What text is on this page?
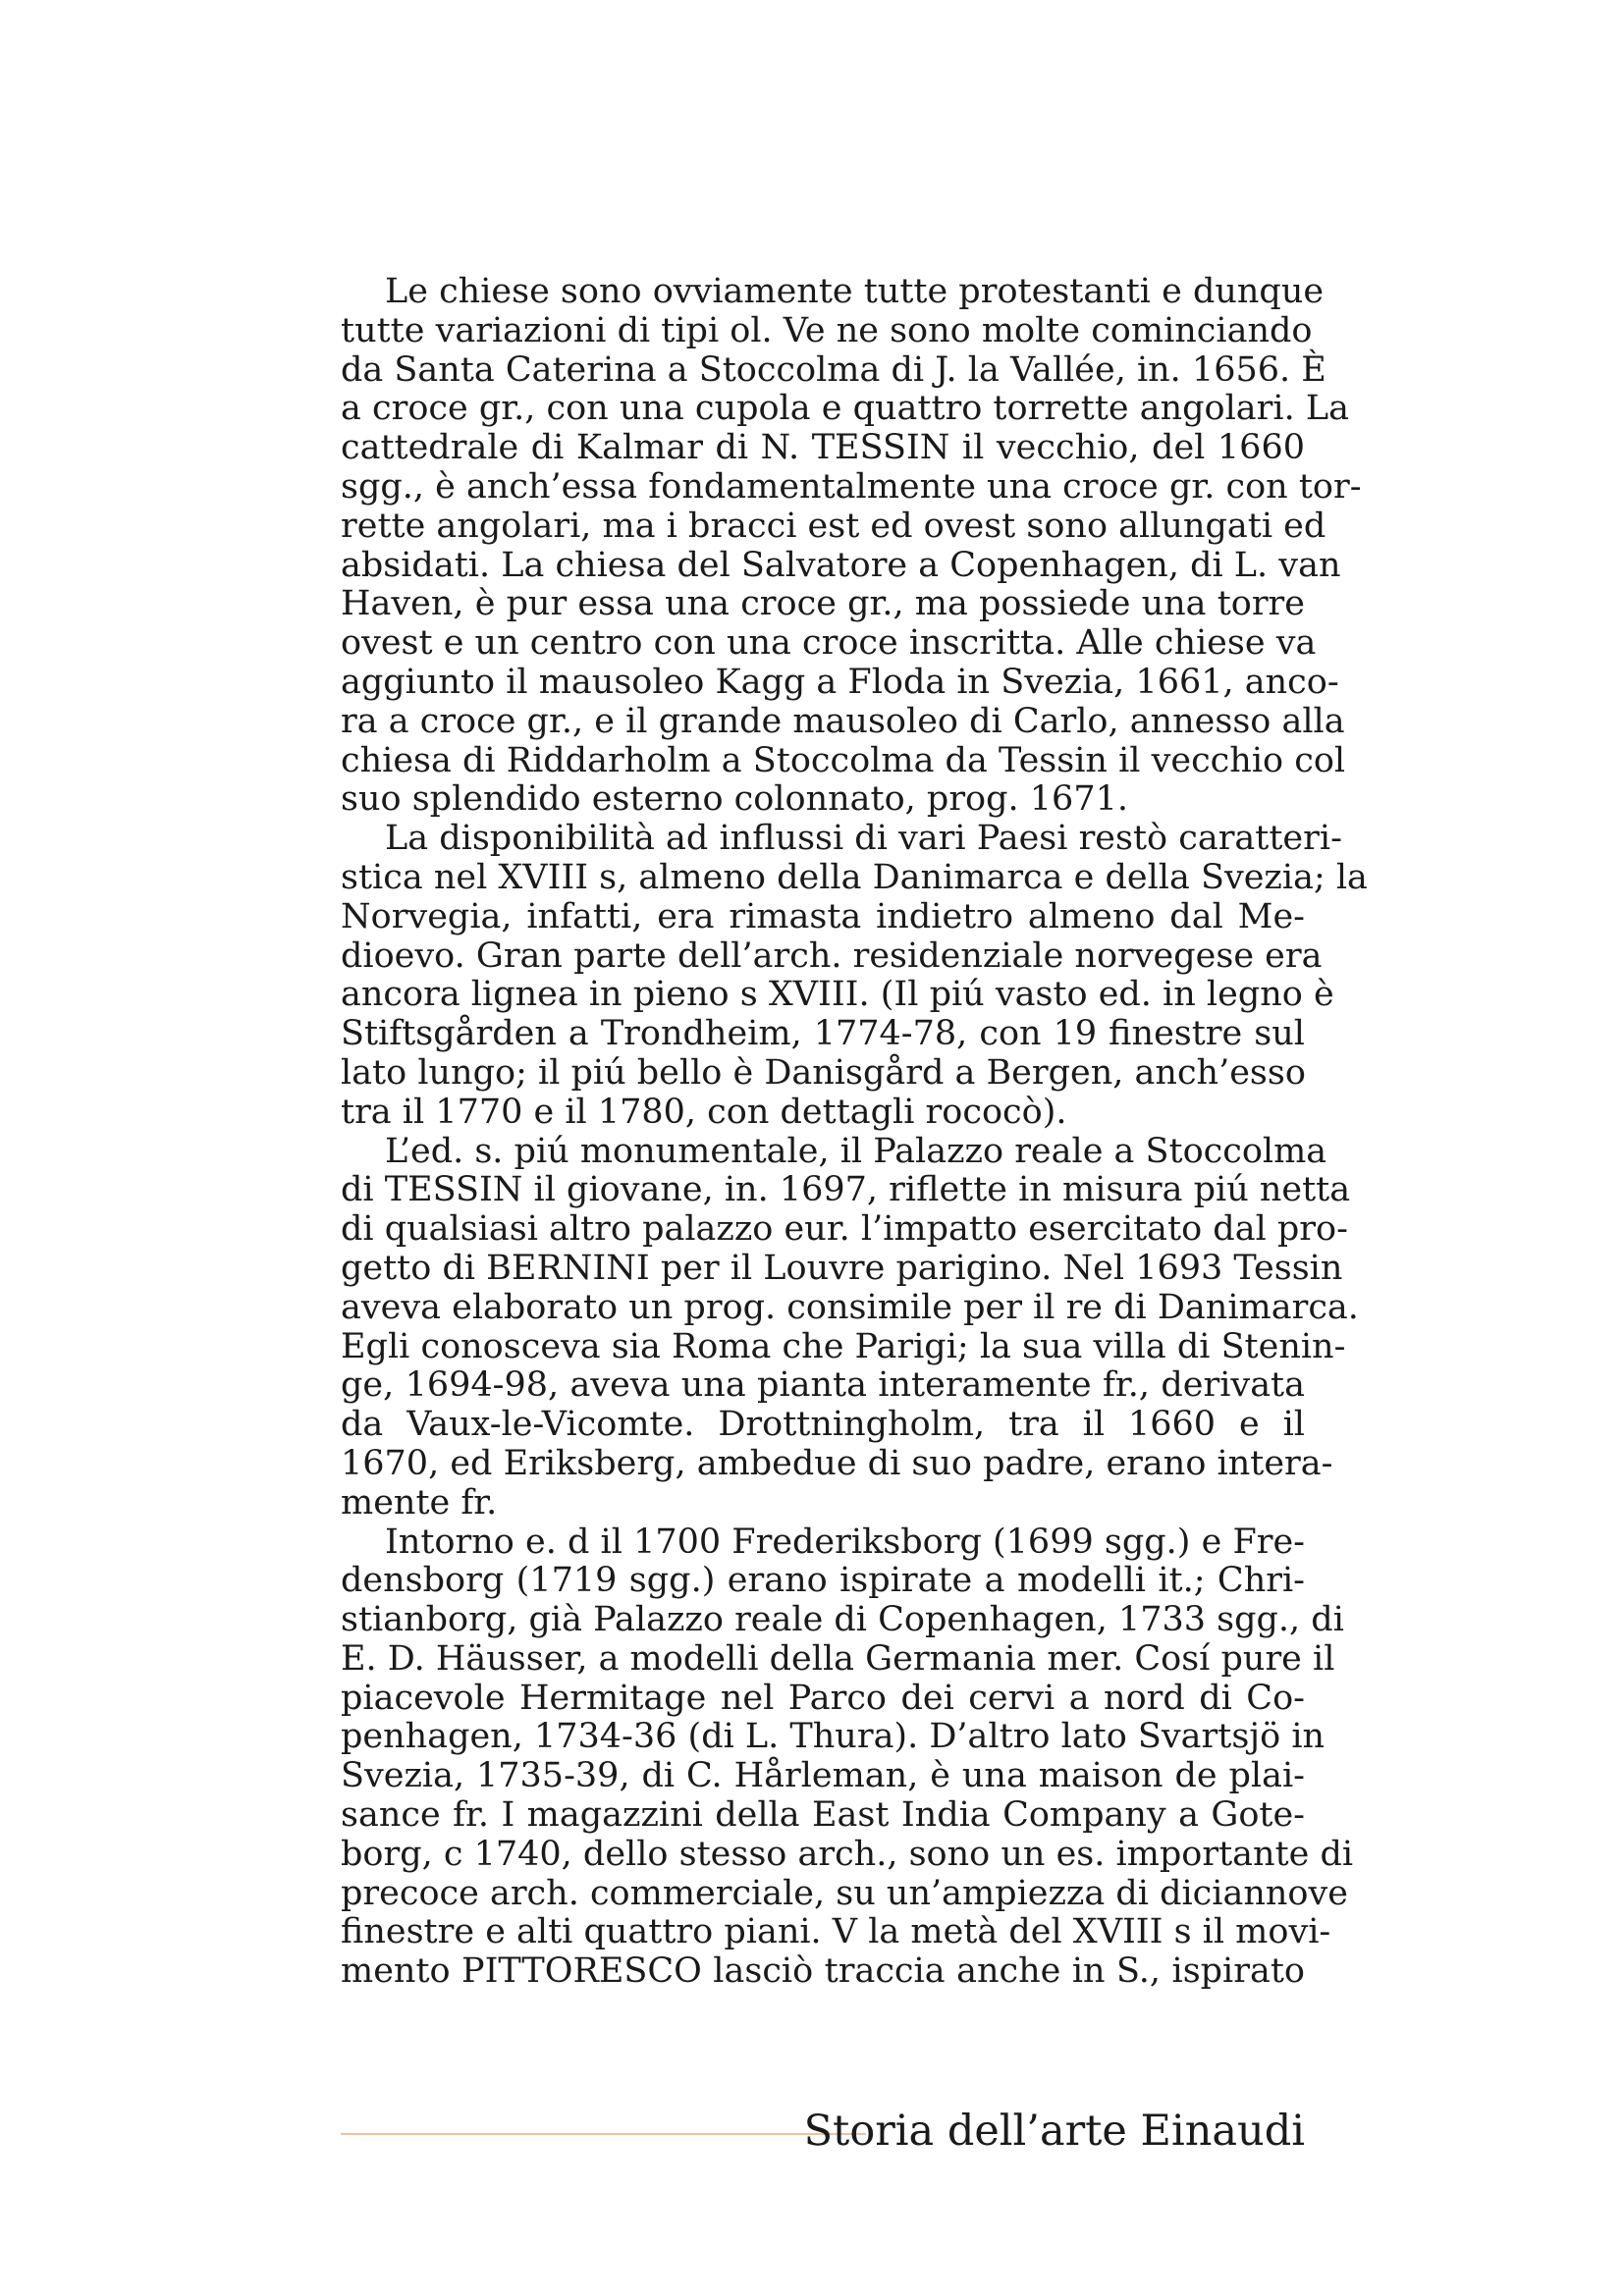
Le chiese sono ovviamente tutte protestanti e dunque
tutte variazioni di tipi ol. Ve ne sono molte cominciando
da Santa Caterina a Stoccolma di J. la Vallée, in. 1656. È
a croce gr., con una cupola e quattro torrette angolari. La
cattedrale di Kalmar di N. TESSIN il vecchio, del 1660
sgg., è anch’essa fondamentalmente una croce gr. con tor-
rette angolari, ma i bracci est ed ovest sono allungati ed
absidati. La chiesa del Salvatore a Copenhagen, di L. van
Haven, è pur essa una croce gr., ma possiede una torre
ovest e un centro con una croce inscritta. Alle chiese va
aggiunto il mausoleo Kagg a Floda in Svezia, 1661, anco-
ra a croce gr., e il grande mausoleo di Carlo, annesso alla
chiesa di Riddarholm a Stoccolma da Tessin il vecchio col
suo splendido esterno colonnato, prog. 1671.
La disponibilità ad influssi di vari Paesi restò caratteri-
stica nel XVIII s, almeno della Danimarca e della Svezia; la
Norvegia, infatti, era rimasta indietro almeno dal Me-
dioevo. Gran parte dell’arch. residenziale norvegese era
ancora lignea in pieno s XVIII. (Il piú vasto ed. in legno è
Stiftsgården a Trondheim, 1774-78, con 19 finestre sul
lato lungo; il piú bello è Danisgård a Bergen, anch’esso
tra il 1770 e il 1780, con dettagli rococò).
L’ed. s. piú monumentale, il Palazzo reale a Stoccolma
di TESSIN il giovane, in. 1697, riflette in misura piú netta
di qualsiasi altro palazzo eur. l’impatto esercitato dal pro-
getto di BERNINI per il Louvre parigino. Nel 1693 Tessin
aveva elaborato un prog. consimile per il re di Danimarca.
Egli conosceva sia Roma che Parigi; la sua villa di Stenin-
ge, 1694-98, aveva una pianta interamente fr., derivata
da Vaux-le-Vicomte. Drottningholm, tra il 1660 e il
1670, ed Eriksberg, ambedue di suo padre, erano intera-
mente fr.
Intorno e. d il 1700 Frederiksborg (1699 sgg.) e Fre-
densborg (1719 sgg.) erano ispirate a modelli it.; Chri-
stianborg, già Palazzo reale di Copenhagen, 1733 sgg., di
E. D. Häusser, a modelli della Germania mer. Cosí pure il
piacevole Hermitage nel Parco dei cervi a nord di Co-
penhagen, 1734-36 (di L. Thura). D’altro lato Svartsjö in
Svezia, 1735-39, di C. Hårleman, è una maison de plai-
sance fr. I magazzini della East India Company a Gote-
borg, c 1740, dello stesso arch., sono un es. importante di
precoce arch. commerciale, su un’ampiezza di diciannove
finestre e alti quattro piani. V la metà del XVIII s il movi-
mento PITTORESCO lasciò traccia anche in S., ispirato
Storia dell’arte Einaudi
